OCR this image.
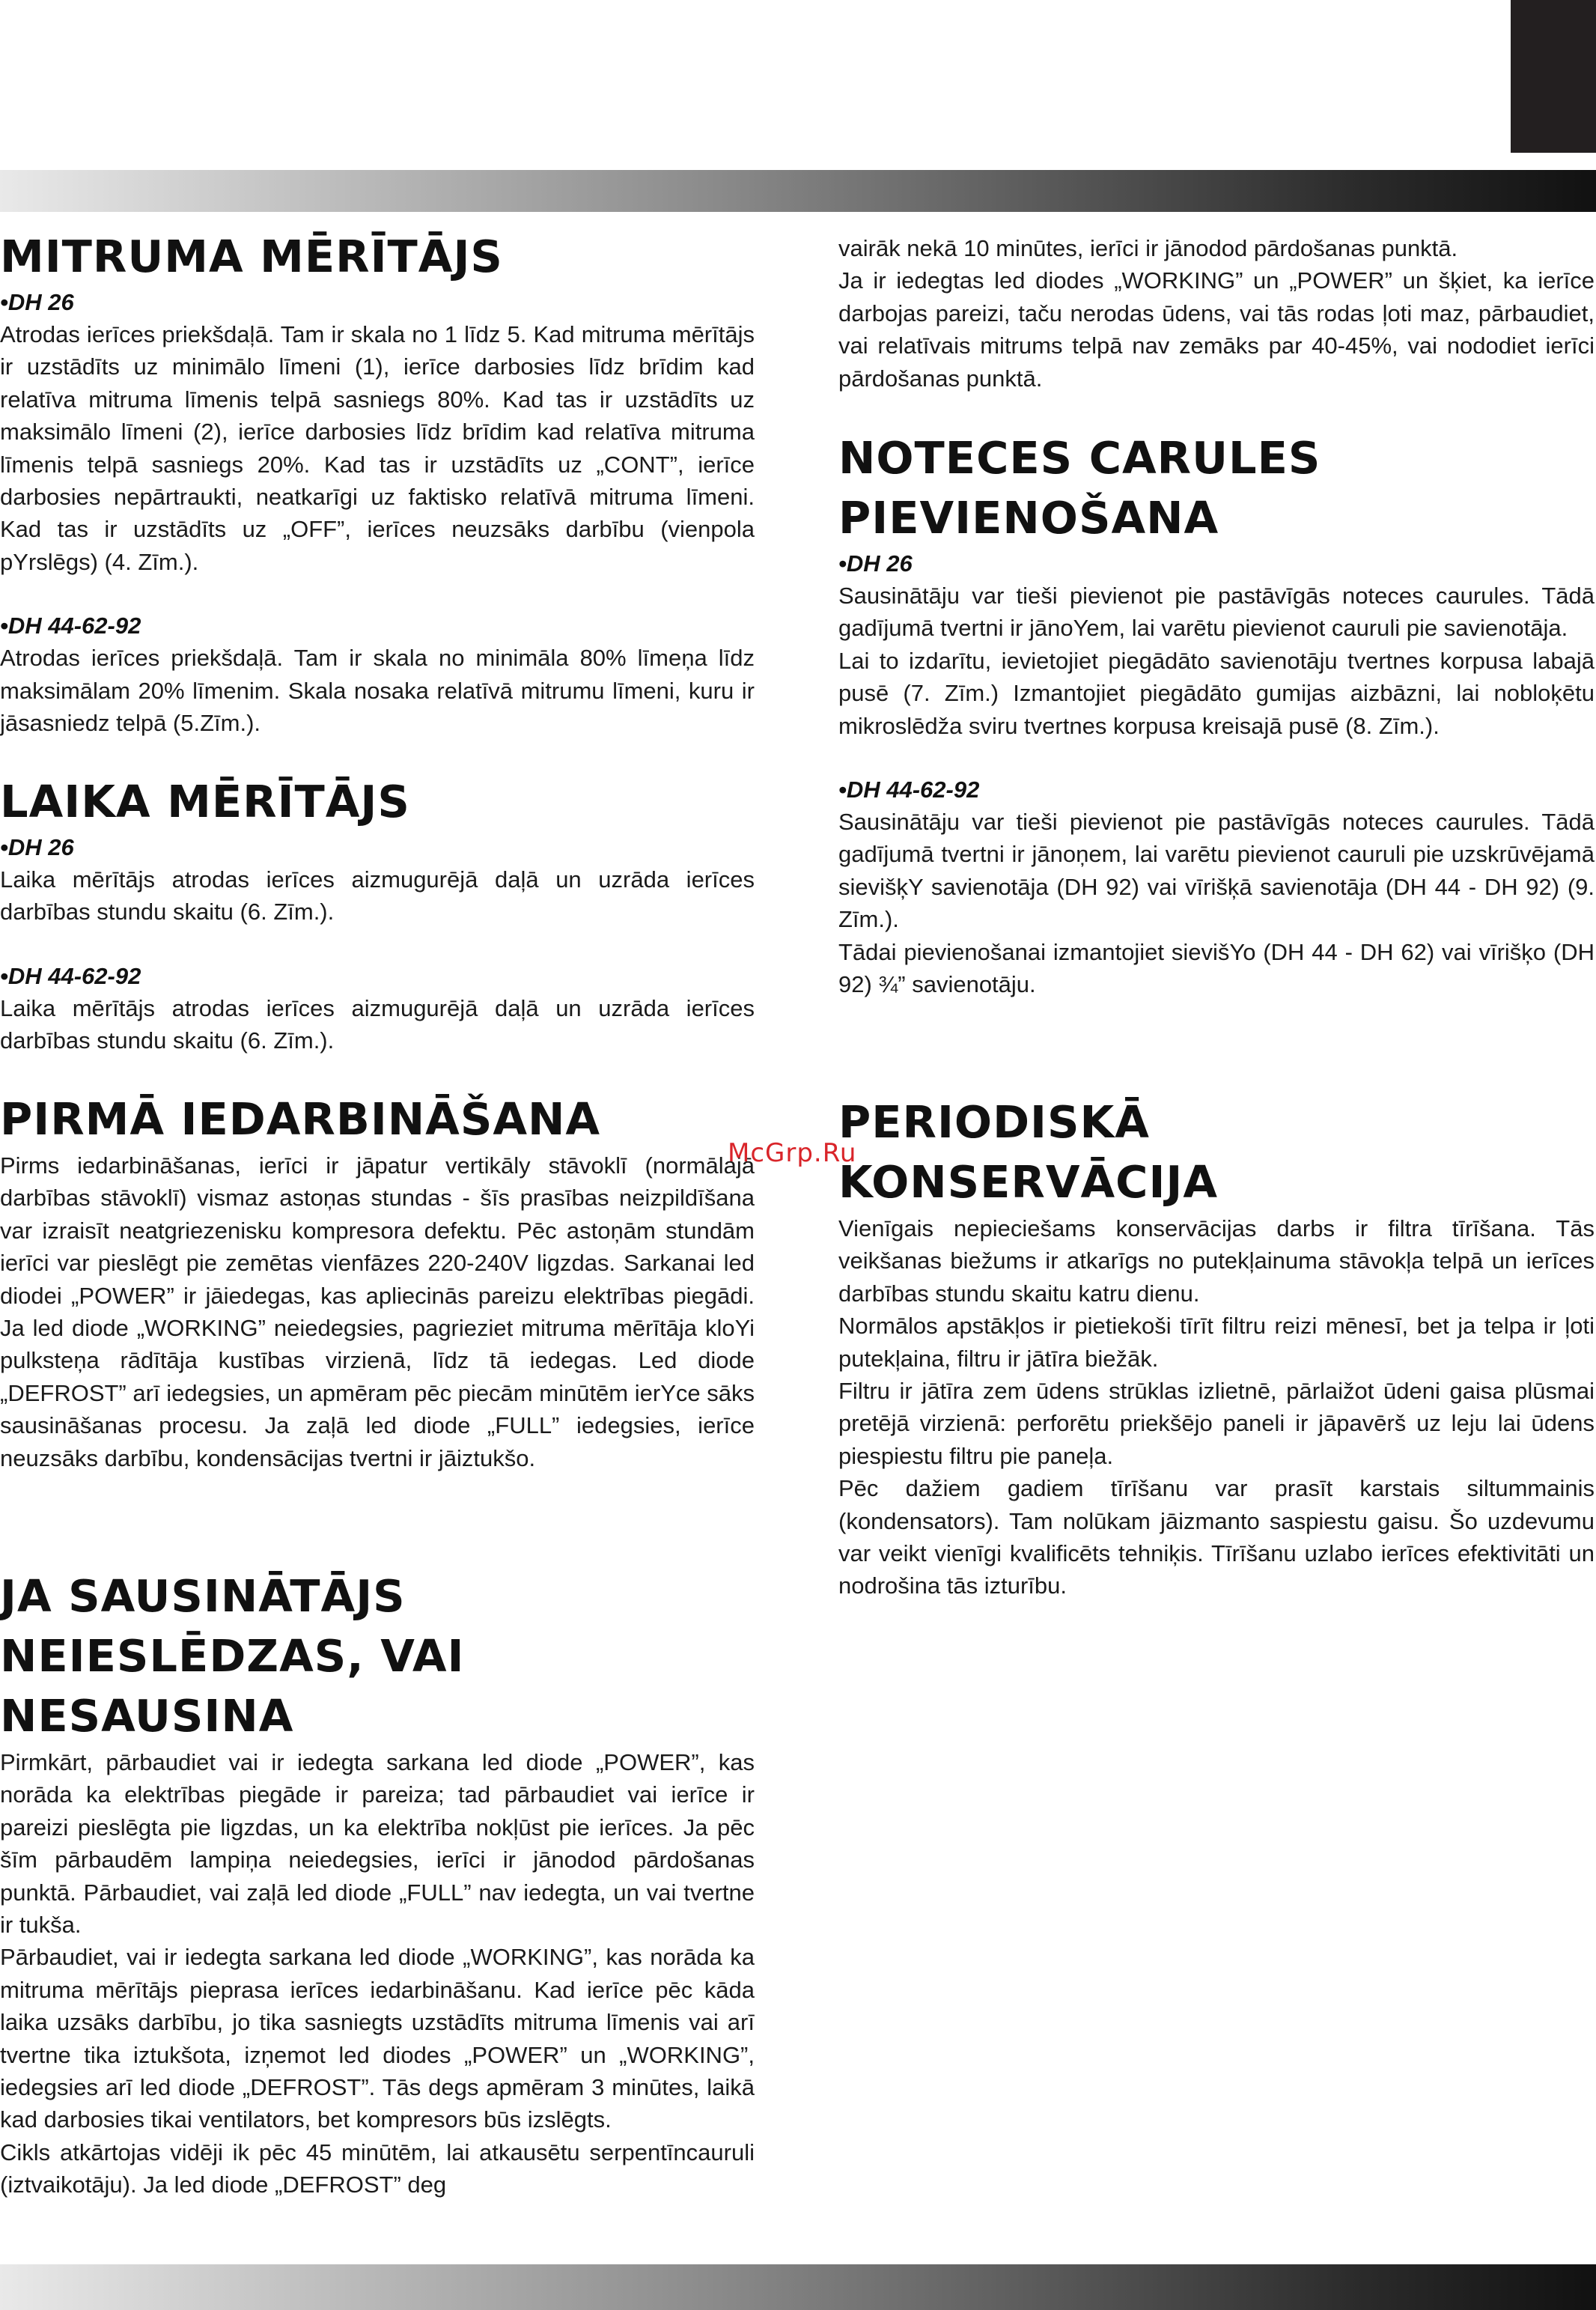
MITRUMA MĒRĪTĀJS
•DH 26

Atrodas ierīces priekšdaļā. Tam ir skala no 1 līdz 5. Kad mitruma mērītājs ir uzstādīts uz minimālo līmeni (1), ierīce darbosies līdz brīdim kad relatīva mitruma līmenis telpā sasniegs 80%. Kad tas ir uzstādīts uz maksimālo līmeni (2), ierīce darbosies līdz brīdim kad relatīva mitruma līmenis telpā sasniegs 20%. Kad tas ir uzstādīts uz „CONT”, ierīce darbosies nepārtraukti, neatkarīgi uz faktisko relatīvā mitruma līmeni. Kad tas ir uzstādīts uz „OFF”, ierīces neuzsāks darbību (vienpola pYrslēgs) (4. Zīm.).

•DH 44-62-92

Atrodas ierīces priekšdaļā. Tam ir skala no minimāla 80% līmeņa līdz maksimālam 20% līmenim. Skala nosaka relatīvā mitrumu līmeni, kuru ir jāsasniedz telpā (5.Zīm.).

LAIKA MĒRĪTĀJS
•DH 26

Laika mērītājs atrodas ierīces aizmugurējā daļā un uzrāda ierīces darbības stundu skaitu (6. Zīm.).

•DH 44-62-92

Laika mērītājs atrodas ierīces aizmugurējā daļā un uzrāda ierīces darbības stundu skaitu (6. Zīm.).

PIRMĀ IEDARBINĀŠANA

Pirms iedarbināšanas, ierīci ir jāpatur vertikāly stāvoklī (normālajā darbības stāvoklī) vismaz astoņas stundas - šīs prasības neizpildīšana var izraisīt neatgriezenisku kompresora defektu. Pēc astoņām stundām ierīci var pieslēgt pie zemētas vienfāzes 220-240V ligzdas. Sarkanai led diodei „POWER” ir jāiedegas, kas apliecinās pareizu elektrības piegādi. Ja led diode „WORKING” neiedegsies, pagrieziet mitruma mērītāja kloYi pulksteņa rādītāja kustības virzienā, līdz tā iedegas. Led diode „DEFROST” arī iedegsies, un apmēram pēc piecām minūtēm ierYce sāks sausināšanas procesu. Ja zaļā led diode „FULL” iedegsies, ierīce neuzsāks darbību, kondensācijas tvertni ir jāiztukšo.

JA SAUSINĀTĀJS
NEIESLĒDZAS, VAI
NESAUSINA

Pirmkārt, pārbaudiet vai ir iedegta sarkana led diode „POWER”, kas norāda ka elektrības piegāde ir pareiza; tad pārbaudiet vai ierīce ir pareizi pieslēgta pie ligzdas, un ka elektrība nokļūst pie ierīces. Ja pēc šīm pārbaudēm lampiņa neiedegsies, ierīci ir jānodod pārdošanas punktā. Pārbaudiet, vai zaļā led diode „FULL” nav iedegta, un vai tvertne ir tukša.

Pārbaudiet, vai ir iedegta sarkana led diode „WORKING”, kas norāda ka mitruma mērītājs pieprasa ierīces iedarbināšanu. Kad ierīce pēc kāda laika uzsāks darbību, jo tika sasniegts uzstādīts mitruma līmenis vai arī tvertne tika iztukšota, izņemot led diodes „POWER” un „WORKING”, iedegsies arī led diode „DEFROST”. Tās degs apmēram 3 minūtes, laikā kad darbosies tikai ventilators, bet kompresors būs izslēgts.

Cikls atkārtojas vidēji ik pēc 45 minūtēm, lai atkausētu serpentīncauruli (iztvaikotāju). Ja led diode „DEFROST” deg

vairāk nekā 10 minūtes, ierīci ir jānodod pārdošanas punktā.

Ja ir iedegtas led diodes „WORKING” un „POWER” un šķiet, ka ierīce darbojas pareizi, taču nerodas ūdens, vai tās rodas ļoti maz, pārbaudiet, vai relatīvais mitrums telpā nav zemāks par 40-45%, vai nododiet ierīci pārdošanas punktā.

NOTECES CARULES
PIEVIENOŠANA
•DH 26

Sausinātāju var tieši pievienot pie pastāvīgās noteces caurules. Tādā gadījumā tvertni ir jānoYem, lai varētu pievienot cauruli pie savienotāja.

Lai to izdarītu, ievietojiet piegādāto savienotāju tvertnes korpusa labajā pusē (7. Zīm.) Izmantojiet piegādāto gumijas aizbāzni, lai nobloķētu mikroslēdža sviru tvertnes korpusa kreisajā pusē (8. Zīm.).

•DH 44-62-92

Sausinātāju var tieši pievienot pie pastāvīgās noteces caurules. Tādā gadījumā tvertni ir jānoņem, lai varētu pievienot cauruli pie uzskrūvējamā sievišķY savienotāja (DH 92) vai vīrišķā savienotāja (DH 44 - DH 92) (9. Zīm.).

Tādai pievienošanai izmantojiet sievišYo (DH 44 - DH 62) vai vīrišķo (DH 92) ¾” savienotāju.

PERIODISKĀ
KONSERVĀCIJA

Vienīgais nepieciešams konservācijas darbs ir filtra tīrīšana. Tās veikšanas biežums ir atkarīgs no putekļainuma stāvokļa telpā un ierīces darbības stundu skaitu katru dienu.

Normālos apstākļos ir pietiekoši tīrīt filtru reizi mēnesī, bet ja telpa ir ļoti putekļaina, filtru ir jātīra biežāk.

Filtru ir jātīra zem ūdens strūklas izlietnē, pārlaižot ūdeni gaisa plūsmai pretējā virzienā: perforētu priekšējo paneli ir jāpavērš uz leju lai ūdens piespiestu filtru pie paneļa.

Pēc dažiem gadiem tīrīšanu var prasīt karstais siltummainis (kondensators). Tam nolūkam jāizmanto saspiestu gaisu. Šo uzdevumu var veikt vienīgi kvalificēts tehniķis. Tīrīšanu uzlabo ierīces efektivitāti un nodrošina tās izturību.

McGrp.Ru
